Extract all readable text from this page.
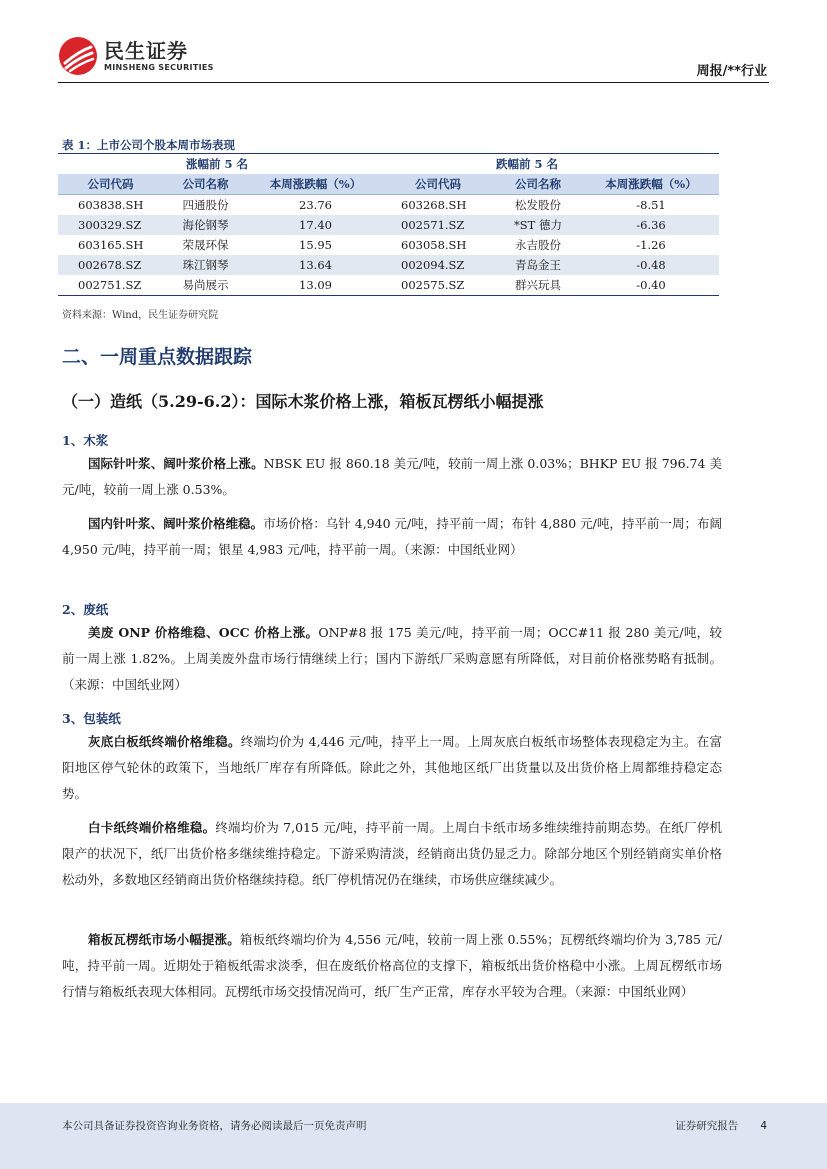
民生证券
MINSHENG SECURITIES	周报/**行业
表 1：上市公司个股本周市场表现
涨幅前 5 名			跌幅前 5 名		
公司代码	公司名称	本周涨跌幅（%）	公司代码	公司名称	本周涨跌幅（%）
603838.SH	四通股份	23.76	603268.SH	松发股份	-8.51
300329.SZ	海伦钢琴	17.40	002571.SZ	*ST 德力	-6.36
603165.SH	荣晟环保	15.95	603058.SH	永吉股份	-1.26
002678.SZ	珠江钢琴	13.64	002094.SZ	青岛金王	-0.48
002751.SZ	易尚展示	13.09	002575.SZ	群兴玩具	-0.40
资料来源：Wind，民生证券研究院
二、一周重点数据跟踪
（一）造纸（5.29-6.2）：国际木浆价格上涨，箱板瓦楞纸小幅提涨
1、木浆

国际针叶浆、阔叶浆价格上涨。NBSK EU 报 860.18 美元/吨，较前一周上涨 0.03%；BHKP EU 报 796.74 美元/吨，较前一周上涨 0.53%。

国内针叶浆、阔叶浆价格维稳。市场价格：乌针 4,940 元/吨，持平前一周；布针 4,880 元/吨，持平前一周；布阔 4,950 元/吨，持平前一周；银星 4,983 元/吨，持平前一周。（来源：中国纸业网）

2、废纸

美废 ONP 价格维稳、OCC 价格上涨。ONP#8 报 175 美元/吨，持平前一周；OCC#11 报 280 美元/吨，较前一周上涨 1.82%。上周美废外盘市场行情继续上行；国内下游纸厂采购意愿有所降低，对目前价格涨势略有抵制。（来源：中国纸业网）

3、包装纸

灰底白板纸终端价格维稳。终端均价为 4,446 元/吨，持平上一周。上周灰底白板纸市场整体表现稳定为主。在富阳地区停气轮休的政策下，当地纸厂库存有所降低。除此之外，其他地区纸厂出货量以及出货价格上周都维持稳定态势。

白卡纸终端价格维稳。终端均价为 7,015 元/吨，持平前一周。上周白卡纸市场多维续维持前期态势。在纸厂停机限产的状况下，纸厂出货价格多继续维持稳定。下游采购清淡，经销商出货仍显乏力。除部分地区个别经销商实单价格松动外，多数地区经销商出货价格继续持稳。纸厂停机情况仍在继续，市场供应继续减少。

箱板瓦楞纸市场小幅提涨。箱板纸终端均价为 4,556 元/吨，较前一周上涨 0.55%；瓦楞纸终端均价为 3,785 元/吨，持平前一周。近期处于箱板纸需求淡季，但在废纸价格高位的支撑下，箱板纸出货价格稳中小涨。上周瓦楞纸市场行情与箱板纸表现大体相同。瓦楞纸市场交投情况尚可，纸厂生产正常，库存水平较为合理。（来源：中国纸业网）

本公司具备证券投资咨询业务资格，请务必阅读最后一页免责声明	证券研究报告 4
